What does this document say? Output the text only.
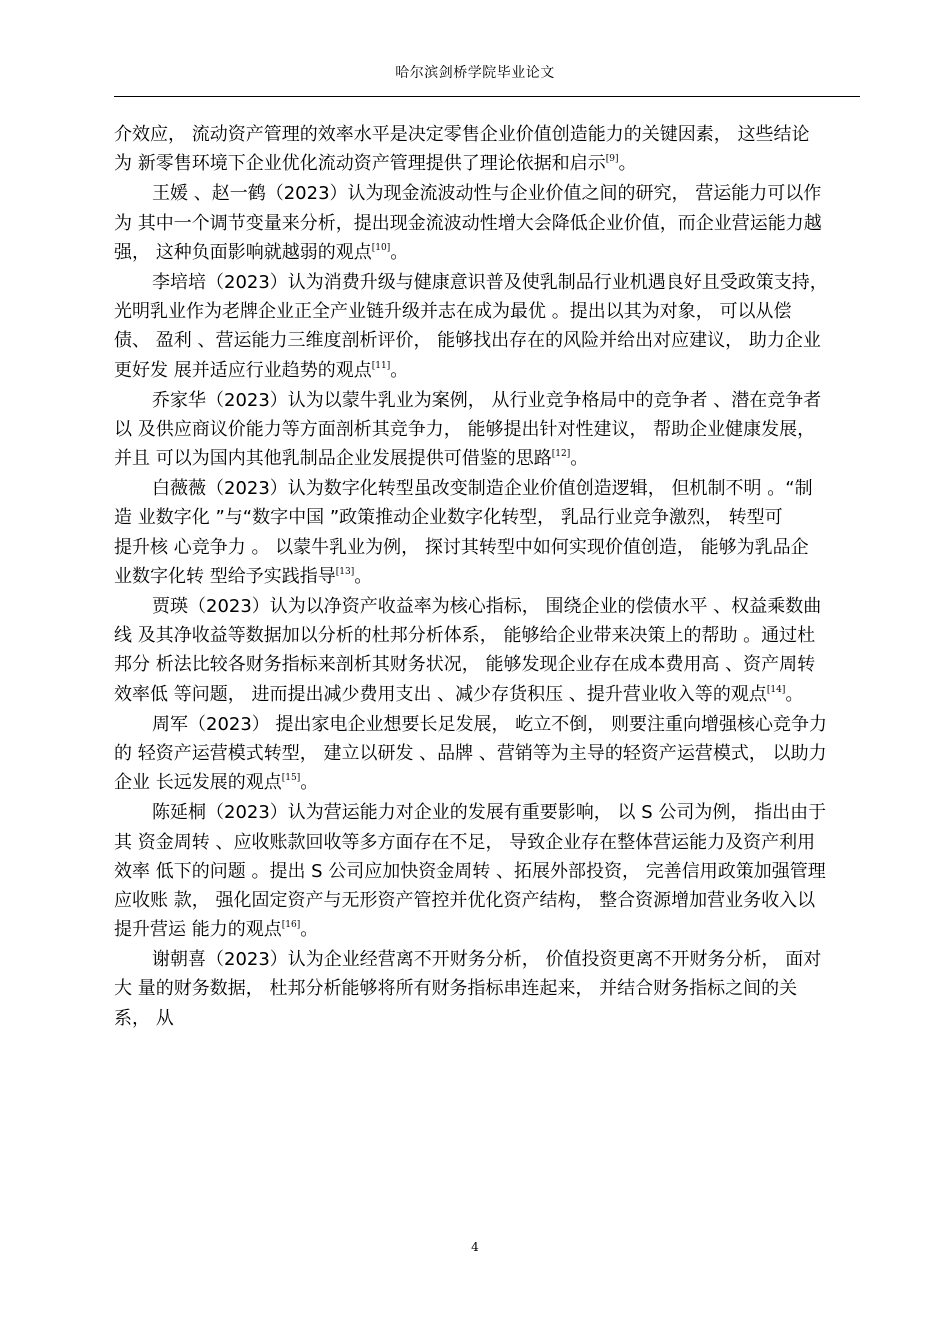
哈尔滨剑桥学院毕业论文
介效应， 流动资产管理的效率水平是决定零售企业价值创造能力的关键因素， 这些结论
为 新零售环境下企业优化流动资产管理提供了理论依据和启示[9]。
王媛 、赵一鹤（2023）认为现金流波动性与企业价值之间的研究， 营运能力可以作
为 其中一个调节变量来分析，提出现金流波动性增大会降低企业价值，而企业营运能力越
强， 这种负面影响就越弱的观点[10]。
李培培（2023）认为消费升级与健康意识普及使乳制品行业机遇良好且受政策支持，
光明乳业作为老牌企业正全产业链升级并志在成为最优 。提出以其为对象， 可以从偿
债、 盈利 、营运能力三维度剖析评价， 能够找出存在的风险并给出对应建议， 助力企业
更好发 展并适应行业趋势的观点[11]。
乔家华（2023）认为以蒙牛乳业为案例， 从行业竞争格局中的竞争者 、潜在竞争者
以 及供应商议价能力等方面剖析其竞争力， 能够提出针对性建议， 帮助企业健康发展，
并且 可以为国内其他乳制品企业发展提供可借鉴的思路[12]。
白薇薇（2023）认为数字化转型虽改变制造企业价值创造逻辑， 但机制不明 。“制
造 业数字化 ”与“数字中国 ”政策推动企业数字化转型， 乳品行业竞争激烈， 转型可
提升核 心竞争力 。 以蒙牛乳业为例， 探讨其转型中如何实现价值创造， 能够为乳品企
业数字化转 型给予实践指导[13]。
贾瑛（2023）认为以净资产收益率为核心指标， 围绕企业的偿债水平 、权益乘数曲
线 及其净收益等数据加以分析的杜邦分析体系， 能够给企业带来决策上的帮助 。通过杜
邦分 析法比较各财务指标来剖析其财务状况， 能够发现企业存在成本费用高 、资产周转
效率低 等问题， 进而提出减少费用支出 、减少存货积压 、提升营业收入等的观点[14]。
周军（2023） 提出家电企业想要长足发展， 屹立不倒， 则要注重向增强核心竞争力
的 轻资产运营模式转型， 建立以研发 、品牌 、营销等为主导的轻资产运营模式， 以助力
企业 长远发展的观点[15]。
陈延桐（2023）认为营运能力对企业的发展有重要影响， 以 S 公司为例， 指出由于
其 资金周转 、应收账款回收等多方面存在不足， 导致企业存在整体营运能力及资产利用
效率 低下的问题 。提出 S 公司应加快资金周转 、拓展外部投资， 完善信用政策加强管理
应收账 款， 强化固定资产与无形资产管控并优化资产结构， 整合资源增加营业务收入以
提升营运 能力的观点[16]。
谢朝喜（2023）认为企业经营离不开财务分析， 价值投资更离不开财务分析， 面对
大 量的财务数据， 杜邦分析能够将所有财务指标串连起来， 并结合财务指标之间的关
系， 从
4
